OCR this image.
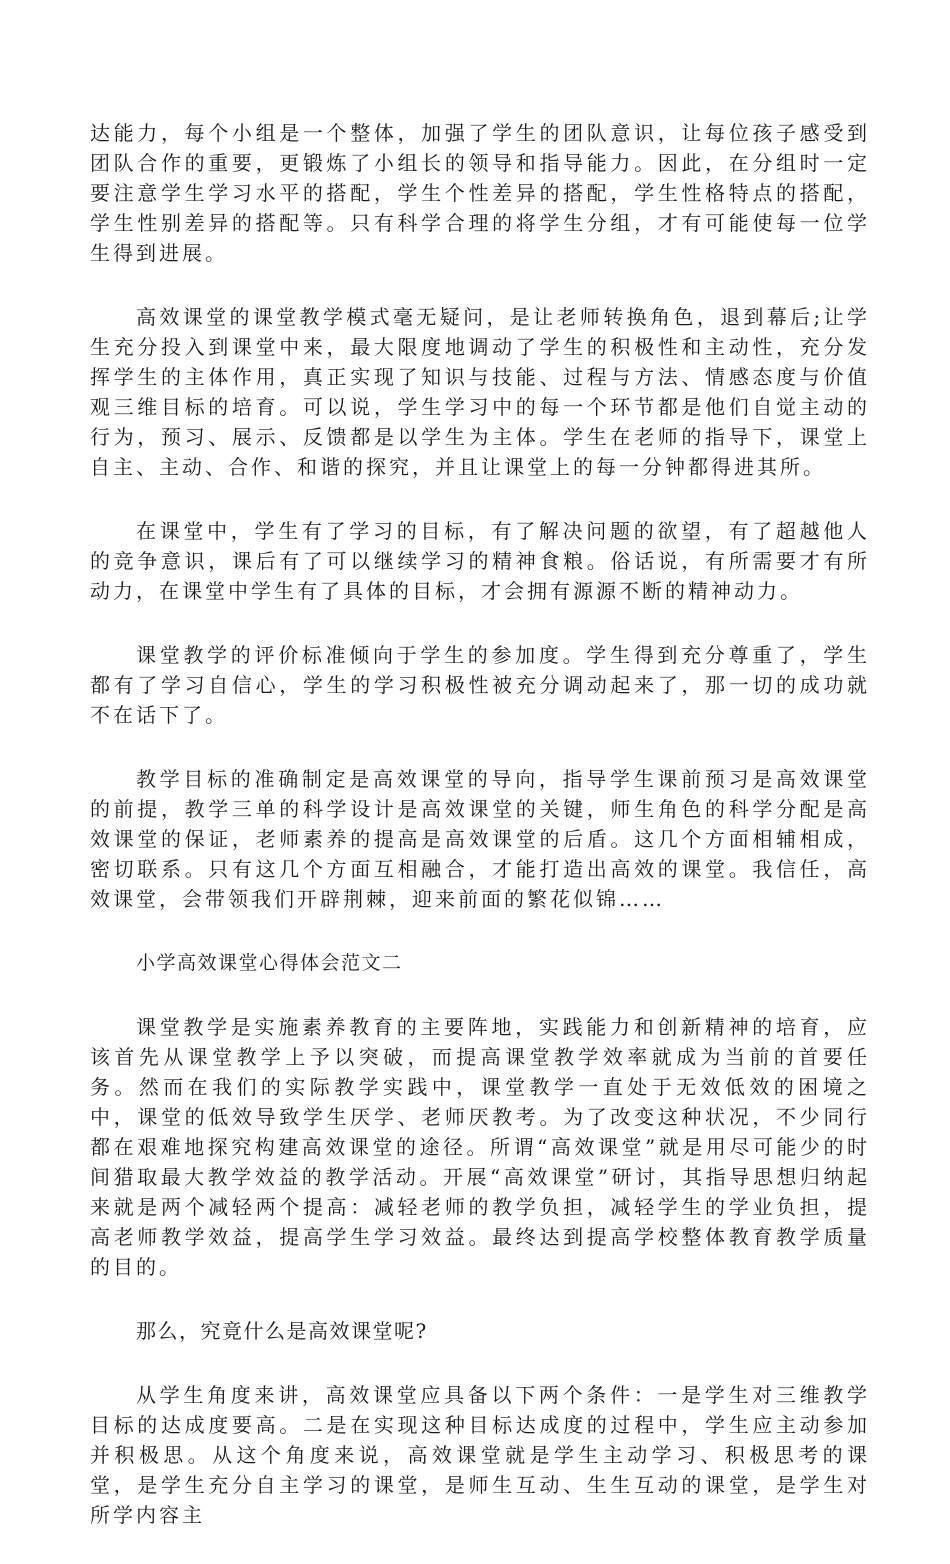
达能力，每个小组是一个整体，加强了学生的团队意识，让每位孩子感受到团队合作的重要，更锻炼了小组长的领导和指导能力。因此，在分组时一定要注意学生学习水平的搭配，学生个性差异的搭配，学生性格特点的搭配，学生性别差异的搭配等。只有科学合理的将学生分组，才有可能使每一位学生得到进展。

高效课堂的课堂教学模式毫无疑问，是让老师转换角色，退到幕后;让学生充分投入到课堂中来，最大限度地调动了学生的积极性和主动性，充分发挥学生的主体作用，真正实现了知识与技能、过程与方法、情感态度与价值观三维目标的培育。可以说，学生学习中的每一个环节都是他们自觉主动的行为，预习、展示、反馈都是以学生为主体。学生在老师的指导下，课堂上自主、主动、合作、和谐的探究，并且让课堂上的每一分钟都得进其所。

在课堂中，学生有了学习的目标，有了解决问题的欲望，有了超越他人的竞争意识，课后有了可以继续学习的精神食粮。俗话说，有所需要才有所动力，在课堂中学生有了具体的目标，才会拥有源源不断的精神动力。

课堂教学的评价标准倾向于学生的参加度。学生得到充分尊重了，学生都有了学习自信心，学生的学习积极性被充分调动起来了，那一切的成功就不在话下了。

教学目标的准确制定是高效课堂的导向，指导学生课前预习是高效课堂的前提，教学三单的科学设计是高效课堂的关键，师生角色的科学分配是高效课堂的保证，老师素养的提高是高效课堂的后盾。这几个方面相辅相成，密切联系。只有这几个方面互相融合，才能打造出高效的课堂。我信任，高效课堂，会带领我们开辟荆棘，迎来前面的繁花似锦……

小学高效课堂心得体会范文二

课堂教学是实施素养教育的主要阵地，实践能力和创新精神的培育，应该首先从课堂教学上予以突破，而提高课堂教学效率就成为当前的首要任务。然而在我们的实际教学实践中，课堂教学一直处于无效低效的困境之中，课堂的低效导致学生厌学、老师厌教考。为了改变这种状况，不少同行都在艰难地探究构建高效课堂的途径。所谓“高效课堂”就是用尽可能少的时间猎取最大教学效益的教学活动。开展“高效课堂”研讨，其指导思想归纳起来就是两个减轻两个提高：减轻老师的教学负担，减轻学生的学业负担，提高老师教学效益，提高学生学习效益。最终达到提高学校整体教育教学质量的目的。

那么，究竟什么是高效课堂呢?

从学生角度来讲，高效课堂应具备以下两个条件：一是学生对三维教学目标的达成度要高。二是在实现这种目标达成度的过程中，学生应主动参加并积极思。从这个角度来说，高效课堂就是学生主动学习、积极思考的课堂，是学生充分自主学习的课堂，是师生互动、生生互动的课堂，是学生对所学内容主
